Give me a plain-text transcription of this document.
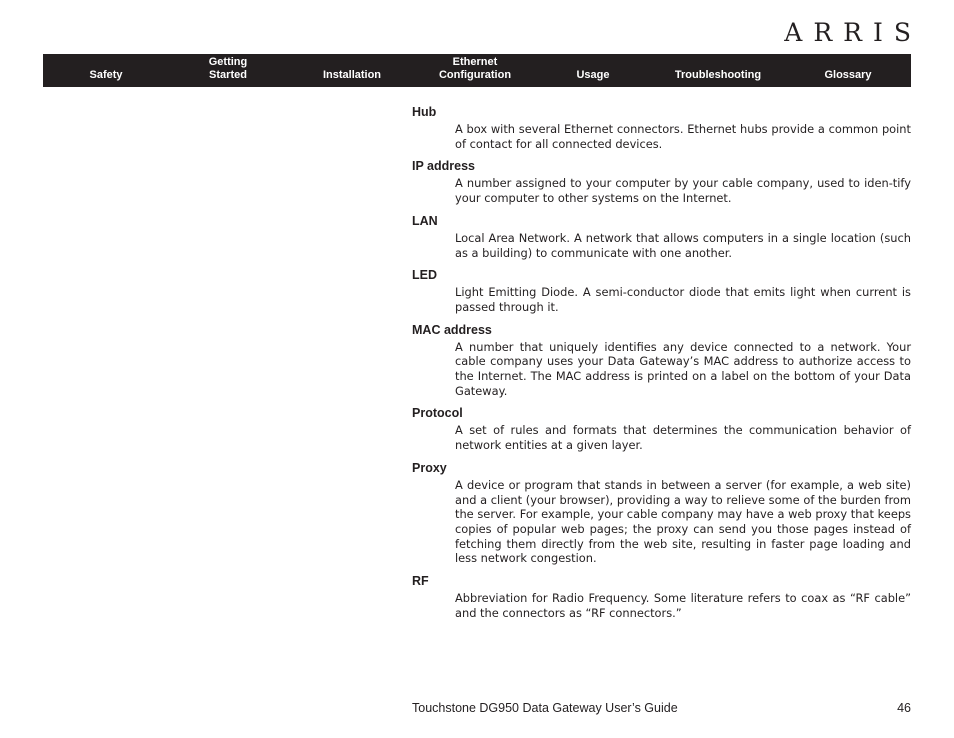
ARRIS
Safety
Getting
Started	Installation
Ethernet
Configuration	Usage	Troubleshooting	Glossary
Hub
A box with several Ethernet connectors. Ethernet hubs provide a common point of contact for all connected devices.
IP address
A number assigned to your computer by your cable company, used to iden-tify your computer to other systems on the Internet.
LAN
Local Area Network. A network that allows computers in a single location (such as a building) to communicate with one another.
LED
Light Emitting Diode. A semi-conductor diode that emits light when current is passed through it.
MAC address
A number that uniquely identifies any device connected to a network. Your cable company uses your Data Gateway’s MAC address to authorize access to the Internet. The MAC address is printed on a label on the bottom of your Data Gateway.
Protocol
A set of rules and formats that determines the communication behavior of network entities at a given layer.
Proxy
A device or program that stands in between a server (for example, a web site) and a client (your browser), providing a way to relieve some of the burden from the server. For example, your cable company may have a web proxy that keeps copies of popular web pages; the proxy can send you those pages instead of fetching them directly from the web site, resulting in faster page loading and less network congestion.
RF
Abbreviation for Radio Frequency. Some literature refers to coax as “RF cable” and the connectors as “RF connectors.”
Touchstone DG950 Data Gateway User’s Guide	46
